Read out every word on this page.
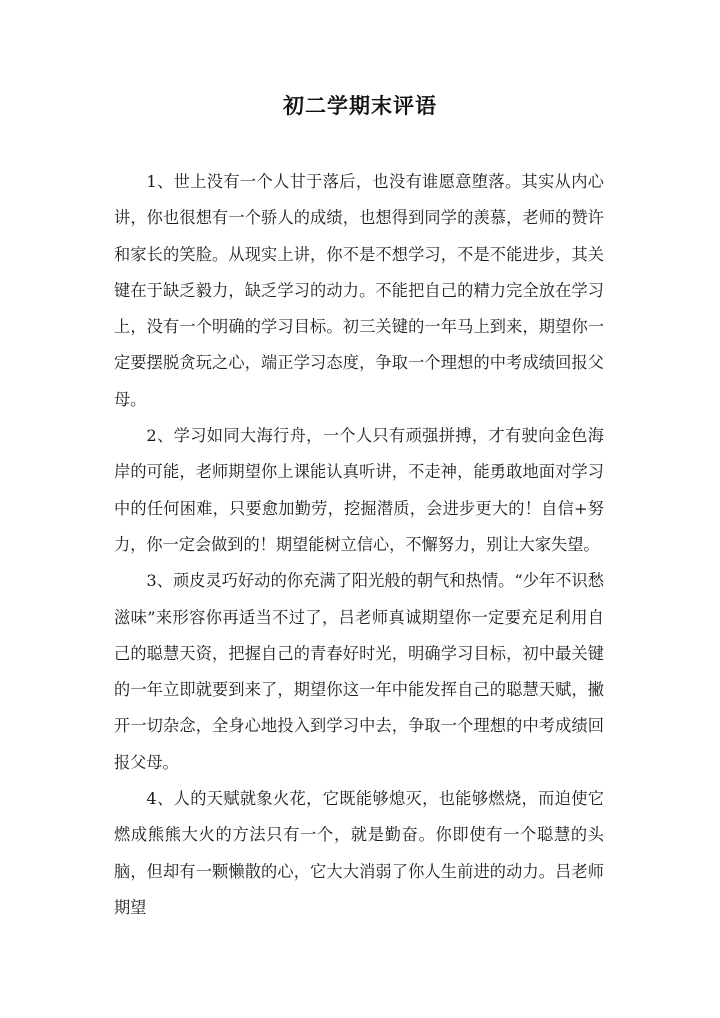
初二学期末评语

1、世上没有一个人甘于落后，也没有谁愿意堕落。其实从内心讲，你也很想有一个骄人的成绩，也想得到同学的羡慕，老师的赞许和家长的笑脸。从现实上讲，你不是不想学习，不是不能进步，其关键在于缺乏毅力，缺乏学习的动力。不能把自己的精力完全放在学习上，没有一个明确的学习目标。初三关键的一年马上到来，期望你一定要摆脱贪玩之心，端正学习态度，争取一个理想的中考成绩回报父母。

2、学习如同大海行舟，一个人只有顽强拼搏，才有驶向金色海岸的可能，老师期望你上课能认真听讲，不走神，能勇敢地面对学习中的任何困难，只要愈加勤劳，挖掘潜质，会进步更大的！自信+努力，你一定会做到的！期望能树立信心，不懈努力，别让大家失望。

3、顽皮灵巧好动的你充满了阳光般的朝气和热情。“少年不识愁滋味”来形容你再适当不过了，吕老师真诚期望你一定要充足利用自己的聪慧天资，把握自己的青春好时光，明确学习目标，初中最关键的一年立即就要到来了，期望你这一年中能发挥自己的聪慧天赋，撇开一切杂念，全身心地投入到学习中去，争取一个理想的中考成绩回报父母。

4、人的天赋就象火花，它既能够熄灭，也能够燃烧，而迫使它燃成熊熊大火的方法只有一个，就是勤奋。你即使有一个聪慧的头脑，但却有一颗懒散的心，它大大消弱了你人生前进的动力。吕老师期望
